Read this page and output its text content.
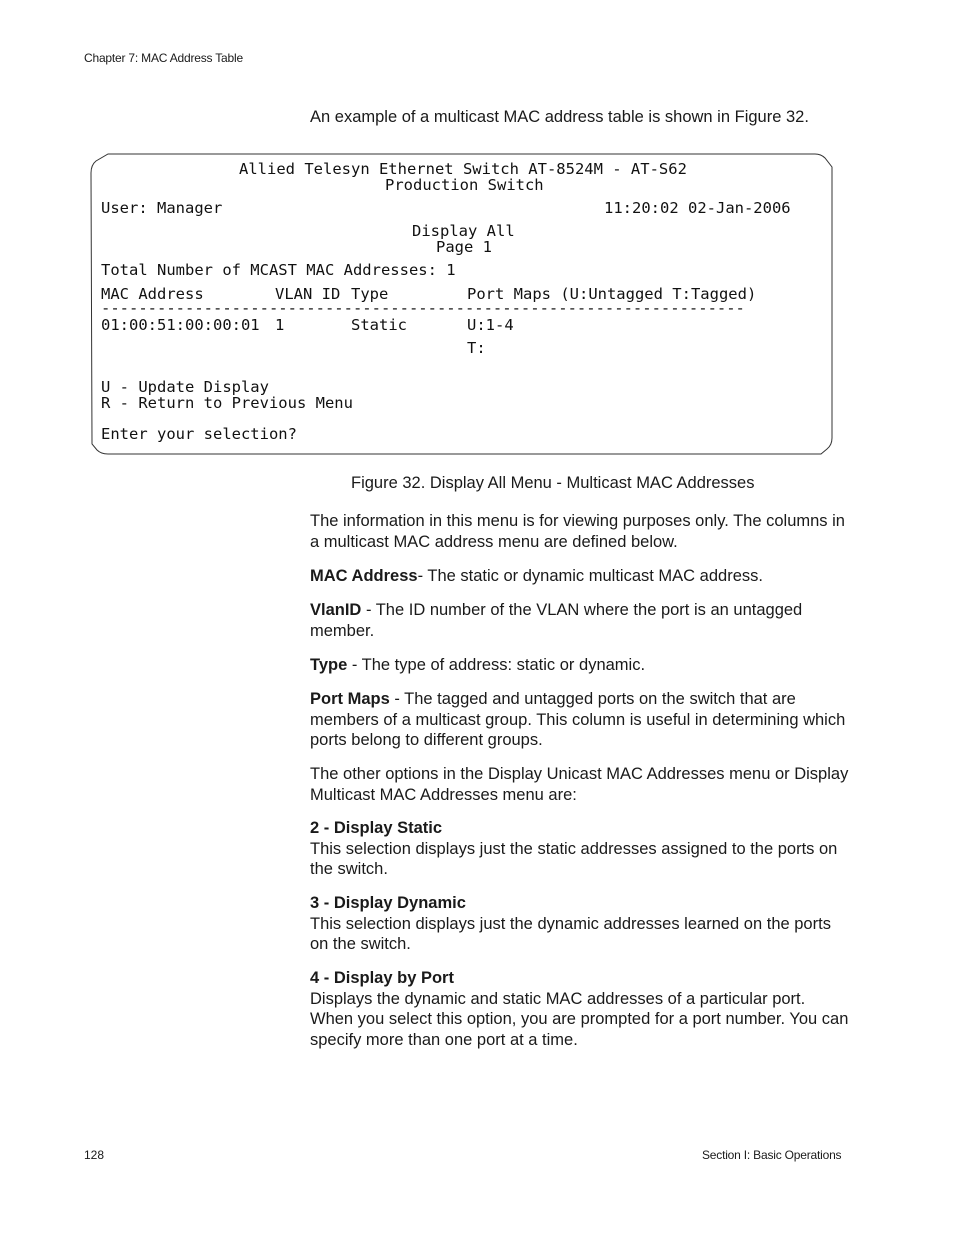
Chapter 7: MAC Address Table
An example of a multicast MAC address table is shown in Figure 32.
Allied Telesyn Ethernet Switch AT-8524M - AT-S62
Production Switch
User: Manager	11:20:02 02-Jan-2006
Display All
Page 1
Total Number of MCAST MAC Addresses: 1
MAC Address	VLAN ID Type	Port Maps (U:Untagged T:Tagged)
---------------------------------------------------------------------
01:00:51:00:00:01 1	Static	U:1-4
T:
U - Update Display
R - Return to Previous Menu
Enter your selection?
Figure 32. Display All Menu - Multicast MAC Addresses
The information in this menu is for viewing purposes only. The columns in a multicast MAC address menu are defined below.
MAC Address- The static or dynamic multicast MAC address.
VlanID - The ID number of the VLAN where the port is an untagged member.
Type - The type of address: static or dynamic.
Port Maps - The tagged and untagged ports on the switch that are members of a multicast group. This column is useful in determining which ports belong to different groups.
The other options in the Display Unicast MAC Addresses menu or Display Multicast MAC Addresses menu are:
2 - Display Static
This selection displays just the static addresses assigned to the ports on the switch.
3 - Display Dynamic
This selection displays just the dynamic addresses learned on the ports on the switch.
4 - Display by Port
Displays the dynamic and static MAC addresses of a particular port. When you select this option, you are prompted for a port number. You can specify more than one port at a time.
128	Section I: Basic Operations
